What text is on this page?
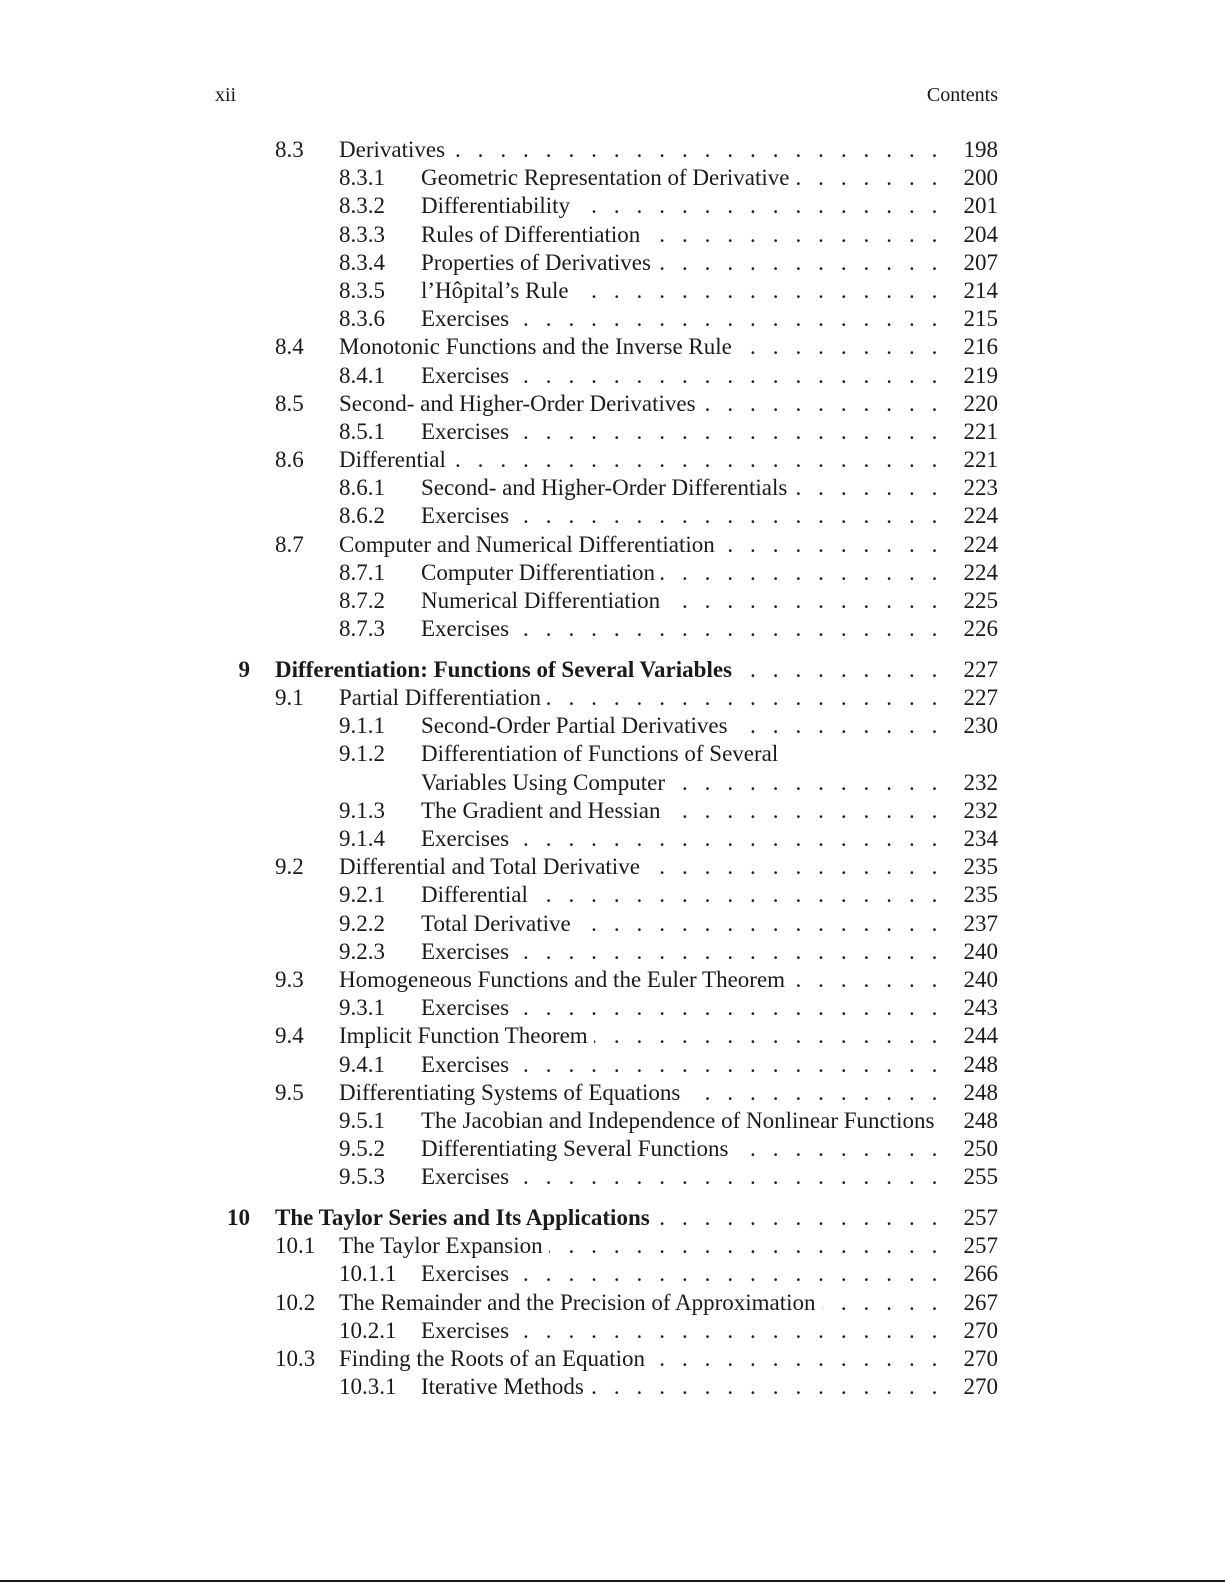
xii	Contents
8.3 Derivatives . . .	198
8.3.1 Geometric Representation of Derivative . . .	200
8.3.2 Differentiability . . .	201
8.3.3 Rules of Differentiation . . .	204
8.3.4 Properties of Derivatives . . .	207
8.3.5 l’Hôpital’s Rule . . .	214
8.3.6 Exercises . . .	215
8.4 Monotonic Functions and the Inverse Rule . . .	216
8.4.1 Exercises . . .	219
8.5 Second- and Higher-Order Derivatives . . .	220
8.5.1 Exercises . . .	221
8.6 Differential . . .	221
8.6.1 Second- and Higher-Order Differentials . . .	223
8.6.2 Exercises . . .	224
8.7 Computer and Numerical Differentiation . . .	224
8.7.1 Computer Differentiation . . .	224
8.7.2 Numerical Differentiation . . .	225
8.7.3 Exercises . . .	226
9 Differentiation: Functions of Several Variables . . .	227
9.1 Partial Differentiation . . .	227
9.1.1 Second-Order Partial Derivatives . . .	230
9.1.2 Differentiation of Functions of Several
Variables Using Computer . . .	232
9.1.3 The Gradient and Hessian . . .	232
9.1.4 Exercises . . .	234
9.2 Differential and Total Derivative . . .	235
9.2.1 Differential . . .	235
9.2.2 Total Derivative . . .	237
9.2.3 Exercises . . .	240
9.3 Homogeneous Functions and the Euler Theorem . . .	240
9.3.1 Exercises . . .	243
9.4 Implicit Function Theorem . . .	244
9.4.1 Exercises . . .	248
9.5 Differentiating Systems of Equations . . .	248
9.5.1 The Jacobian and Independence of Nonlinear Functions 248
9.5.2 Differentiating Several Functions . . .	250
9.5.3 Exercises . . .	255
10 The Taylor Series and Its Applications . . .	257
10.1 The Taylor Expansion . . .	257
10.1.1 Exercises . . .	266
10.2 The Remainder and the Precision of Approximation . . .	267
10.2.1 Exercises . . .	270
10.3 Finding the Roots of an Equation . . .	270
10.3.1 Iterative Methods . . .	270
